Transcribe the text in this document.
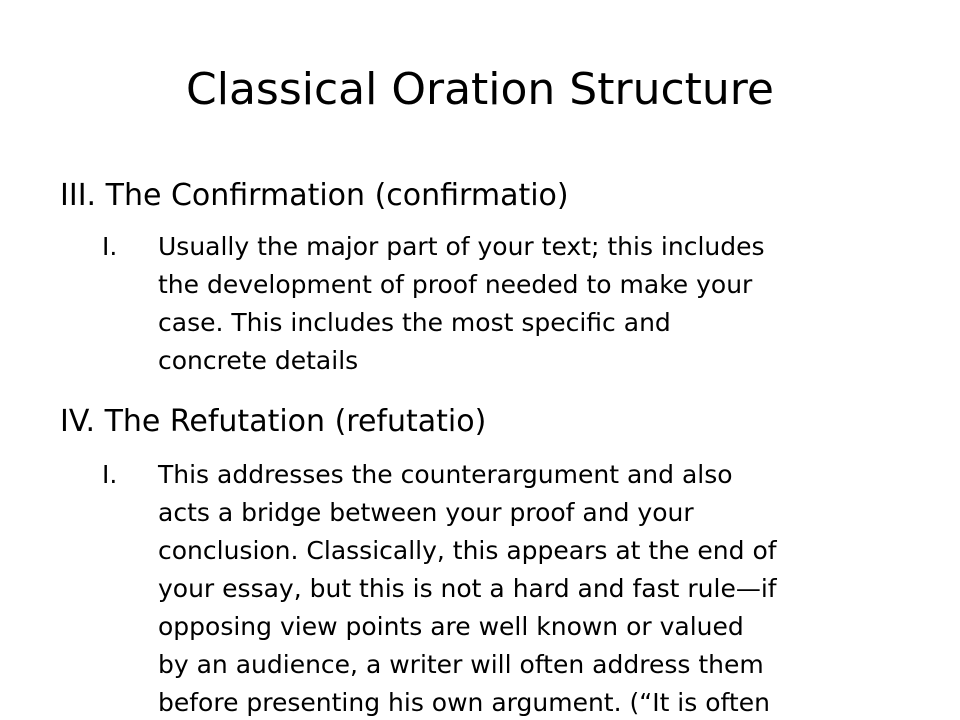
Classical Oration Structure

III. The Confirmation (confirmatio)

I. Usually the major part of your text; this includes
the development of proof needed to make your
case. This includes the most specific and
concrete details

IV. The Refutation (refutatio)

I. This addresses the counterargument and also
acts a bridge between your proof and your
conclusion. Classically, this appears at the end of
your essay, but this is not a hard and fast rule—if
opposing view points are well known or valued
by an audience, a writer will often address them
before presenting his own argument. (“It is often
